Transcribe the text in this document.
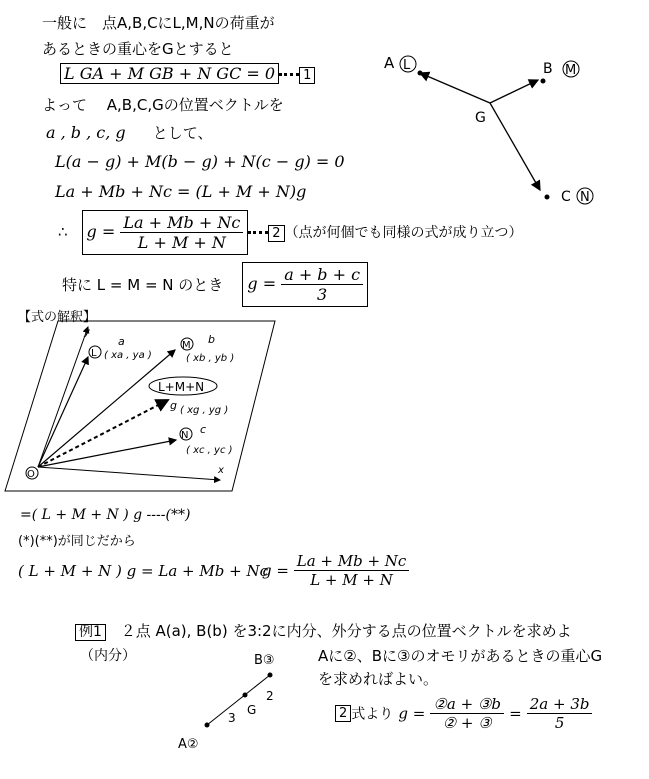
一般に　点A,B,CにL,M,Nの荷重が
あるときの重心をGとすると
L GA + M GB + N GC = 0 1
よって　 A,B,C,Gの位置ベクトルを
a , b , c, g として、
L(a − g) + M(b − g) + N(c − g) = 0
La + Mb + Nc = (L + M + N)g
∴ $g = \frac{La + Mb + Nc}{L + M + N} 2$ （点が何個でも同様の式が成り立つ）
特に L = M = N のとき $g = \frac{a + b + c}{3}$
A L	B M
C N
G
【式の解釈】
y
x
O
L
a
( xa , ya )
M b
( xb , yb )
L+M+N
g ( xg , yg )
N c
( xc , yc )
=( L + M + N ) g ----(**)
(*)(**)が同じだから
( L + M + N ) g = La + Mb + Nc
$g = \frac{La + Mb + Nc}{L + M + N}$
例1 ２点 A(a), B(b) を3:2に内分、外分する点の位置ベクトルを求めよ
（内分）	B③
A②
G
2
3
Aに②、Bに③のオモリがあるときの重心G
を求めればよい。
2 式より $g = \frac{\text{②a + ③b}}{\text{② + ③}} = \frac{2a + 3b}{5}$
